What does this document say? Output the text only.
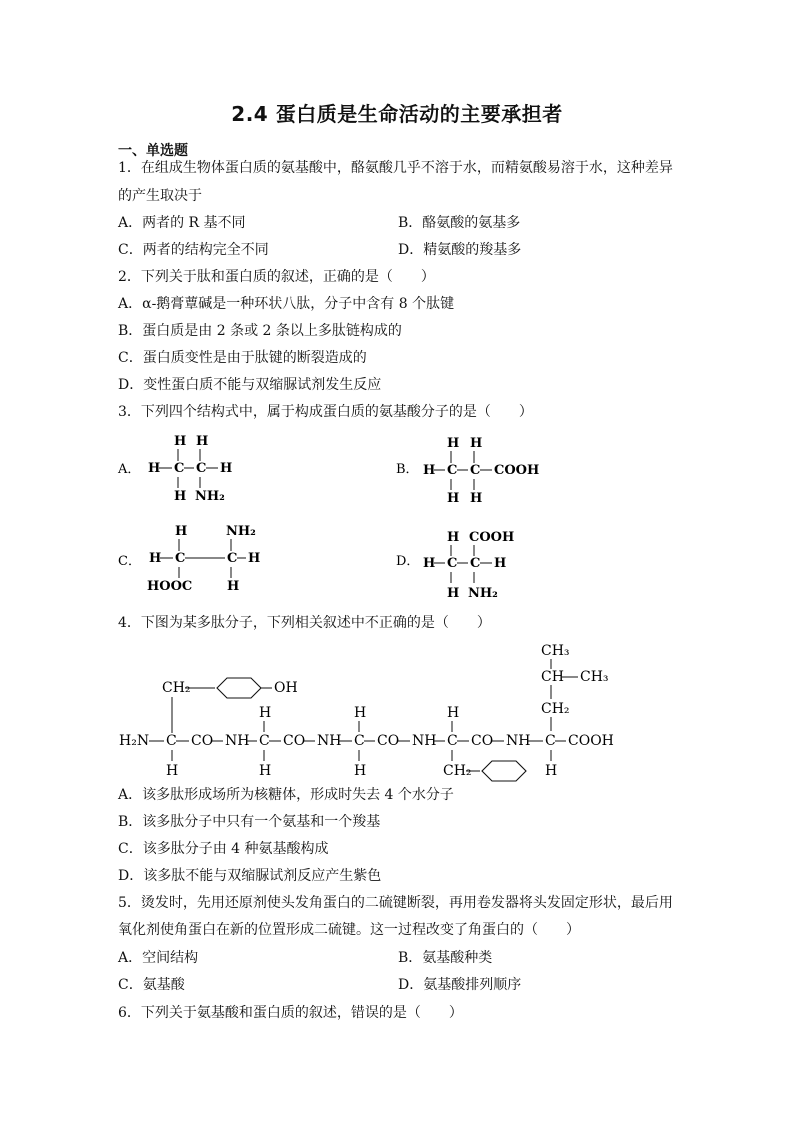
2.4 蛋白质是生命活动的主要承担者
一、单选题
1．在组成生物体蛋白质的氨基酸中，酪氨酸几乎不溶于水，而精氨酸易溶于水，这种差异
的产生取决于
A．两者的 R 基不同	B．酪氨酸的氨基多
C．两者的结构完全不同	D．精氨酸的羧基多
2．下列关于肽和蛋白质的叙述，正确的是（　　）
A．α-鹅膏蕈碱是一种环状八肽，分子中含有 8 个肽键
B．蛋白质是由 2 条或 2 条以上多肽链构成的
C．蛋白质变性是由于肽键的断裂造成的
D．变性蛋白质不能与双缩脲试剂发生反应
3．下列四个结构式中，属于构成蛋白质的氨基酸分子的是（　　）
A．
H H
H C C H
H NH₂
B．
H H
H C C COOH
H H
C．
H	NH₂
H C	C H
HOOC	H
D．
H COOH
H C C H
H NH₂
4．下图为某多肽分子，下列相关叙述中不正确的是（　　）
CH₃
CH CH₃
CH₂
CH₂	OH
H	H	H
H₂N C CO NH C CO NH C CO NH C CO NH C COOH
H	H	H	CH₂	H
A．该多肽形成场所为核糖体，形成时失去 4 个水分子
B．该多肽分子中只有一个氨基和一个羧基
C．该多肽分子由 4 种氨基酸构成
D．该多肽不能与双缩脲试剂反应产生紫色
5．烫发时，先用还原剂使头发角蛋白的二硫键断裂，再用卷发器将头发固定形状，最后用
氧化剂使角蛋白在新的位置形成二硫键。这一过程改变了角蛋白的（　　）
A．空间结构	B．氨基酸种类
C．氨基酸	D．氨基酸排列顺序
6．下列关于氨基酸和蛋白质的叙述，错误的是（　　）
